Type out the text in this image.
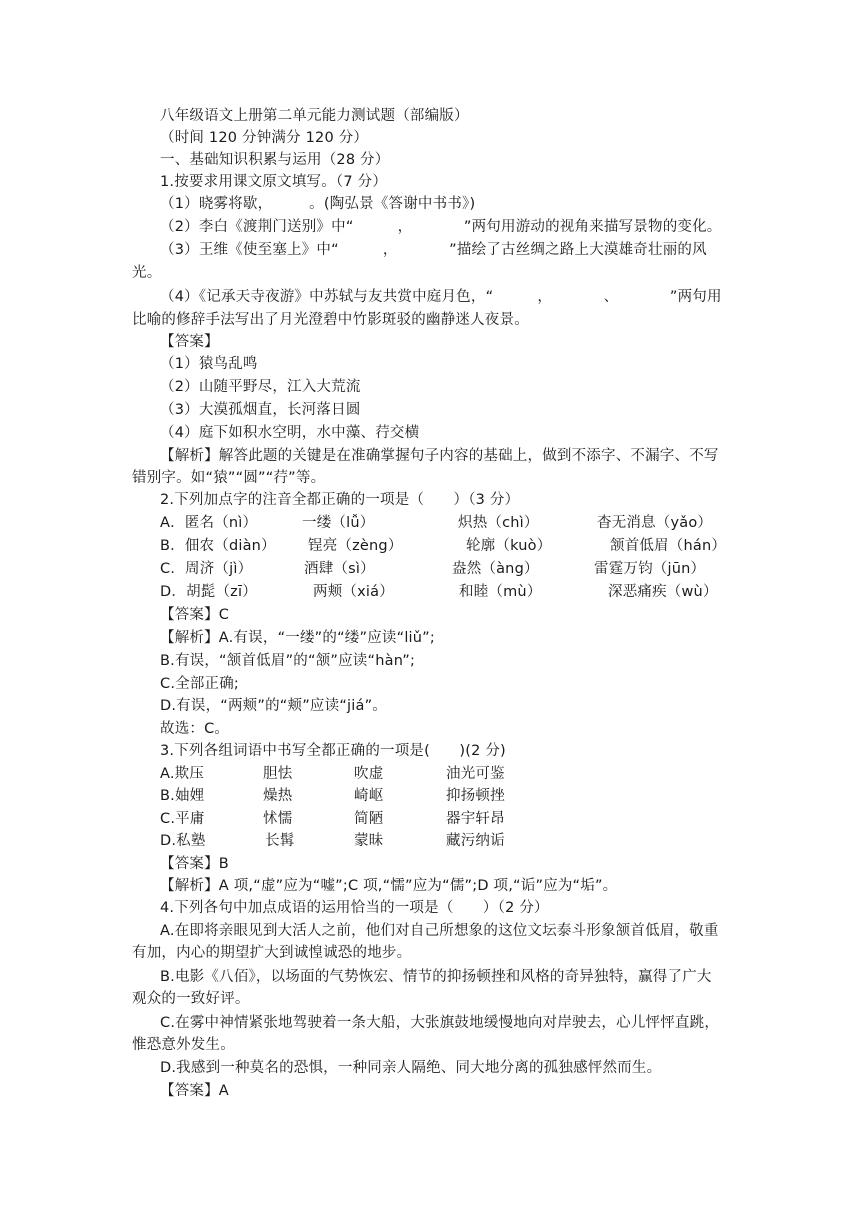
八年级语文上册第二单元能力测试题（部编版）
（时间 120 分钟满分 120 分）
一、基础知识积累与运用（28 分）
1.按要求用课文原文填写。（7 分）
（1）晓雾将歇，　　　。(陶弘景《答谢中书书》)
（2）李白《渡荆门送别》中“　　　，　　　　”两句用游动的视角来描写景物的变化。
（3）王维《使至塞上》中“　　　，　　　　”描绘了古丝绸之路上大漠雄奇壮丽的风
光。
（4）《记承天寺夜游》中苏轼与友共赏中庭月色，“　　　，　　　　、　　　　”两句用
比喻的修辞手法写出了月光澄碧中竹影斑驳的幽静迷人夜景。
【答案】
（1）猿鸟乱鸣
（2）山随平野尽，江入大荒流
（3）大漠孤烟直，长河落日圆
（4）庭下如积水空明，水中藻、荇交横
【解析】解答此题的关键是在准确掌握句子内容的基础上，做到不添字、不漏字、不写
错别字。如“猿”“圆”“荇”等。
2.下列加点字的注音全都正确的一项是（　　）（3 分）
A．匿名（nì）	一缕（lǚ）	炽热（chì）	杳无消息（yǎo）
B．佃农（diàn） 锃亮（zèng）	轮廓（kuò）	颔首低眉（hán）
C．周济（jì）	酒肆（sì）	盎然（àng）	雷霆万钧（jūn）
D．胡髭（zī）	两颊（xiá）	和睦（mù）	深恶痛疾（wù）
【答案】C
【解析】A.有误，“一缕”的“缕”应读“liǔ”;
B.有误，“颔首低眉”的“颔”应读“hàn”;
C.全部正确;
D.有误，“两颊”的“颊”应读“jiá”。
故选：C。
3.下列各组词语中书写全都正确的一项是(　　)(2 分)
A.欺压	胆怯	吹虚	油光可鉴
B.妯娌	燥热	崎岖	抑扬顿挫
C.平庸	怵懦	简陋	器宇轩昂
D.私塾	长髯	蒙昧	藏污纳诟
【答案】B
【解析】A 项,“虚”应为“嘘”;C 项,“懦”应为“儒”;D 项,“诟”应为“垢”。
4.下列各句中加点成语的运用恰当的一项是（　　）（2 分）
A.在即将亲眼见到大活人之前，他们对自己所想象的这位文坛泰斗形象颔首低眉，敬重
有加，内心的期望扩大到诚惶诚恐的地步。
B.电影《八佰》，以场面的气势恢宏、情节的抑扬顿挫和风格的奇异独特，赢得了广大
观众的一致好评。
C.在雾中神情紧张地驾驶着一条大船，大张旗鼓地缓慢地向对岸驶去，心儿怦怦直跳，
惟恐意外发生。
D.我感到一种莫名的恐惧，一种同亲人隔绝、同大地分离的孤独感怦然而生。
【答案】A
